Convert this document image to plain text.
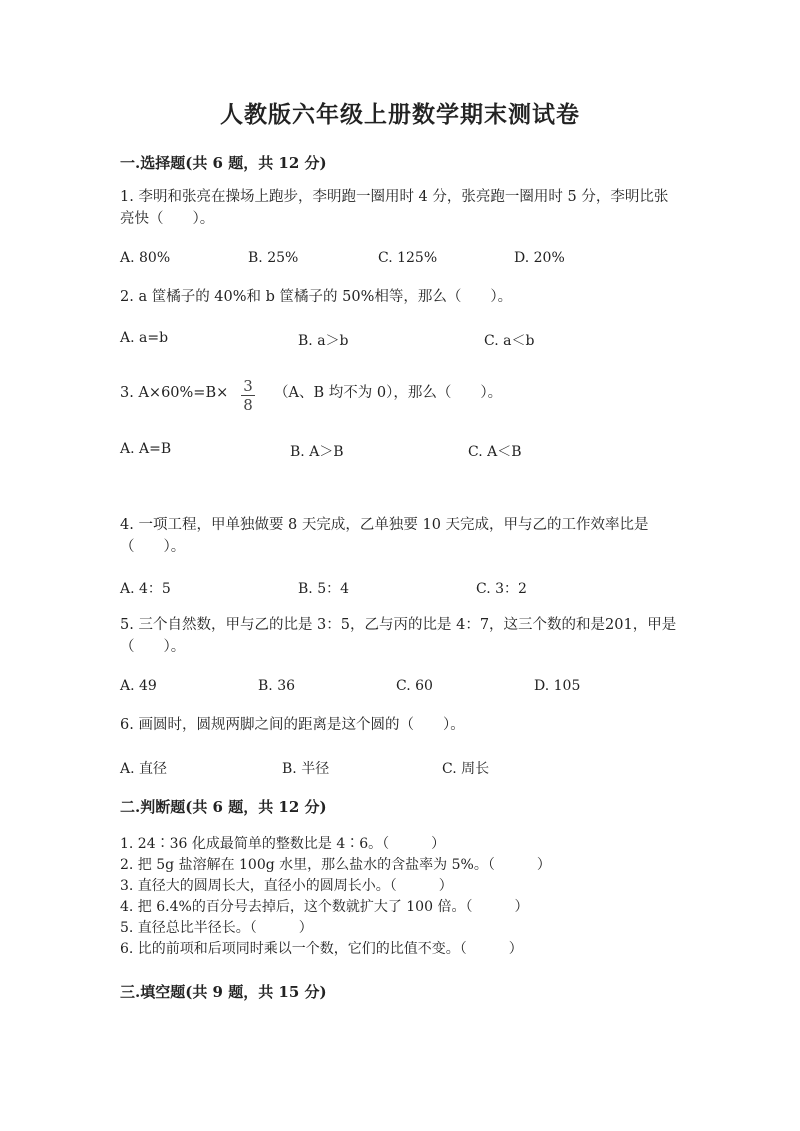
人教版六年级上册数学期末测试卷
一.选择题(共 6 题，共 12 分)
1. 李明和张亮在操场上跑步，李明跑一圈用时 4 分，张亮跑一圈用时 5 分，李明比张亮快（　　）。
A. 80%	B. 25%	C. 125%	D. 20%
2. a 筐橘子的 40%和 b 筐橘子的 50%相等，那么（　　）。
A. a=b	B. a＞b	C. a＜b
3. A×60%=B× 3
8
（A、B 均不为 0），那么（　　）。
A. A=B	B. A＞B	C. A＜B
4. 一项工程，甲单独做要 8 天完成，乙单独要 10 天完成，甲与乙的工作效率比是（　　）。
A. 4：5	B. 5：4	C. 3：2
5. 三个自然数，甲与乙的比是 3：5，乙与丙的比是 4：7，这三个数的和是201，甲是（　　）。
A. 49	B. 36	C. 60	D. 105
6. 画圆时，圆规两脚之间的距离是这个圆的（　　）。
A. 直径	B. 半径	C. 周长
二.判断题(共 6 题，共 12 分)
1. 24∶36 化成最简单的整数比是 4∶6。（　　　）
2. 把 5g 盐溶解在 100g 水里，那么盐水的含盐率为 5%。（　　　）
3. 直径大的圆周长大，直径小的圆周长小。（　　　）
4. 把 6.4%的百分号去掉后，这个数就扩大了 100 倍。（　　　）
5. 直径总比半径长。（　　　）
6. 比的前项和后项同时乘以一个数，它们的比值不变。（　　　）
三.填空题(共 9 题，共 15 分)
